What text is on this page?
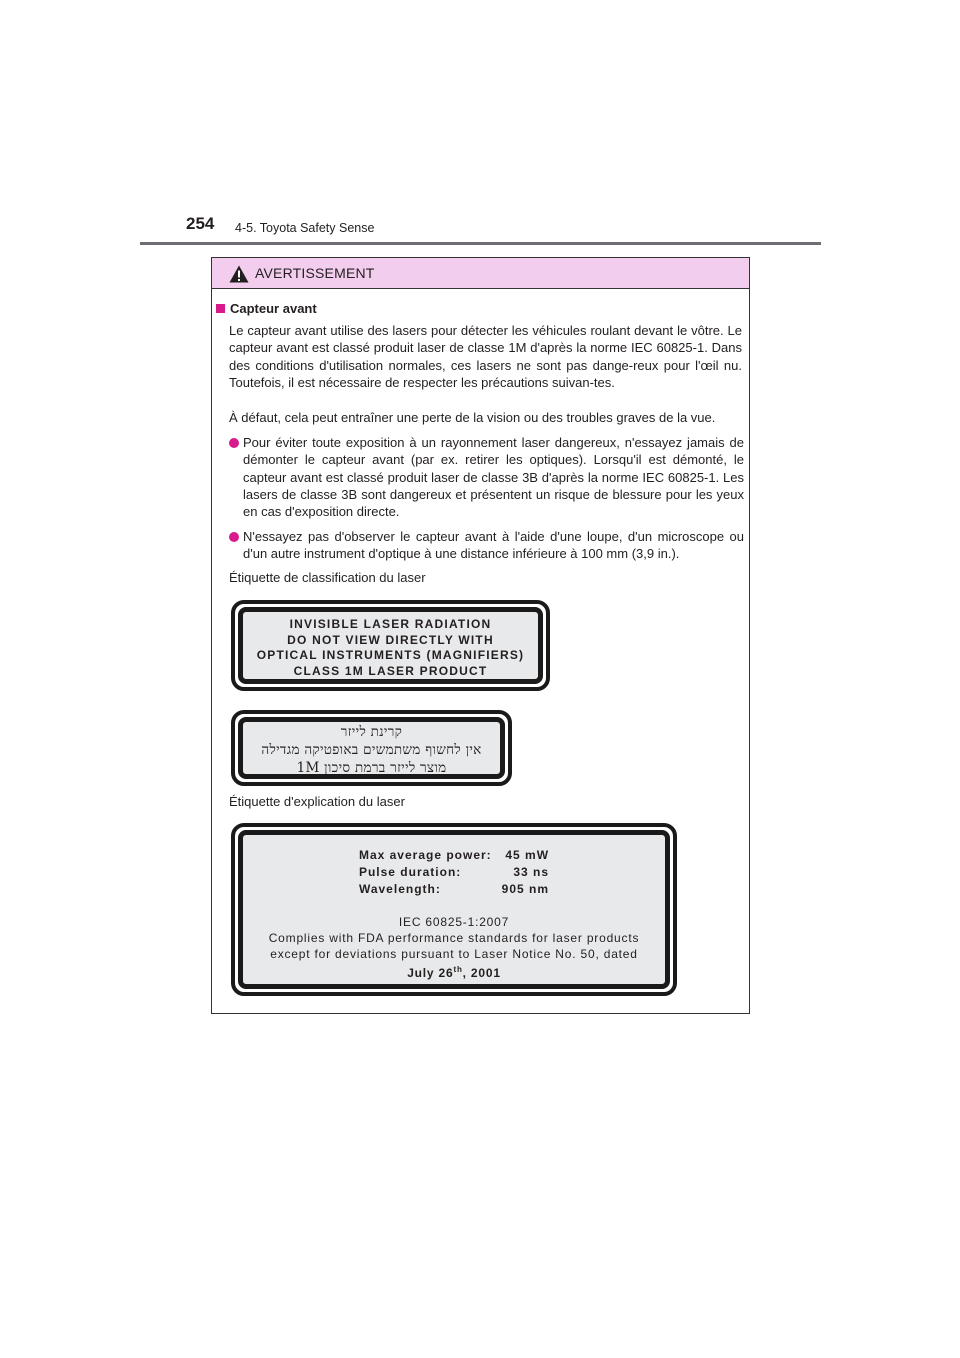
254 4-5. Toyota Safety Sense
AVERTISSEMENT
Capteur avant
Le capteur avant utilise des lasers pour détecter les véhicules roulant devant le vôtre. Le capteur avant est classé produit laser de classe 1M d'après la norme IEC 60825-1. Dans des conditions d'utilisation normales, ces lasers ne sont pas dange-reux pour l'œil nu. Toutefois, il est nécessaire de respecter les précautions suivan-tes.
À défaut, cela peut entraîner une perte de la vision ou des troubles graves de la vue.
Pour éviter toute exposition à un rayonnement laser dangereux, n'essayez jamais de démonter le capteur avant (par ex. retirer les optiques). Lorsqu'il est démonté, le capteur avant est classé produit laser de classe 3B d'après la norme IEC 60825-1. Les lasers de classe 3B sont dangereux et présentent un risque de blessure pour les yeux en cas d'exposition directe.
N'essayez pas d'observer le capteur avant à l'aide d'une loupe, d'un microscope ou d'un autre instrument d'optique à une distance inférieure à 100 mm (3,9 in.).
Étiquette de classification du laser
Étiquette d'explication du laser
INVISIBLE LASER RADIATION
DO NOT VIEW DIRECTLY WITH
OPTICAL INSTRUMENTS (MAGNIFIERS)
CLASS 1M LASER PRODUCT
קרינת לייזר
אין לחשוף משתמשים באופטיקה מגדילה
מוצר לייזר ברמת סיכון 1M
Max average power:	45 mW
Pulse duration:	33 ns
Wavelength:	905 nm
IEC 60825-1:2007
Complies with FDA performance standards for laser products
except for deviations pursuant to Laser Notice No. 50, dated
July 26th, 2001
